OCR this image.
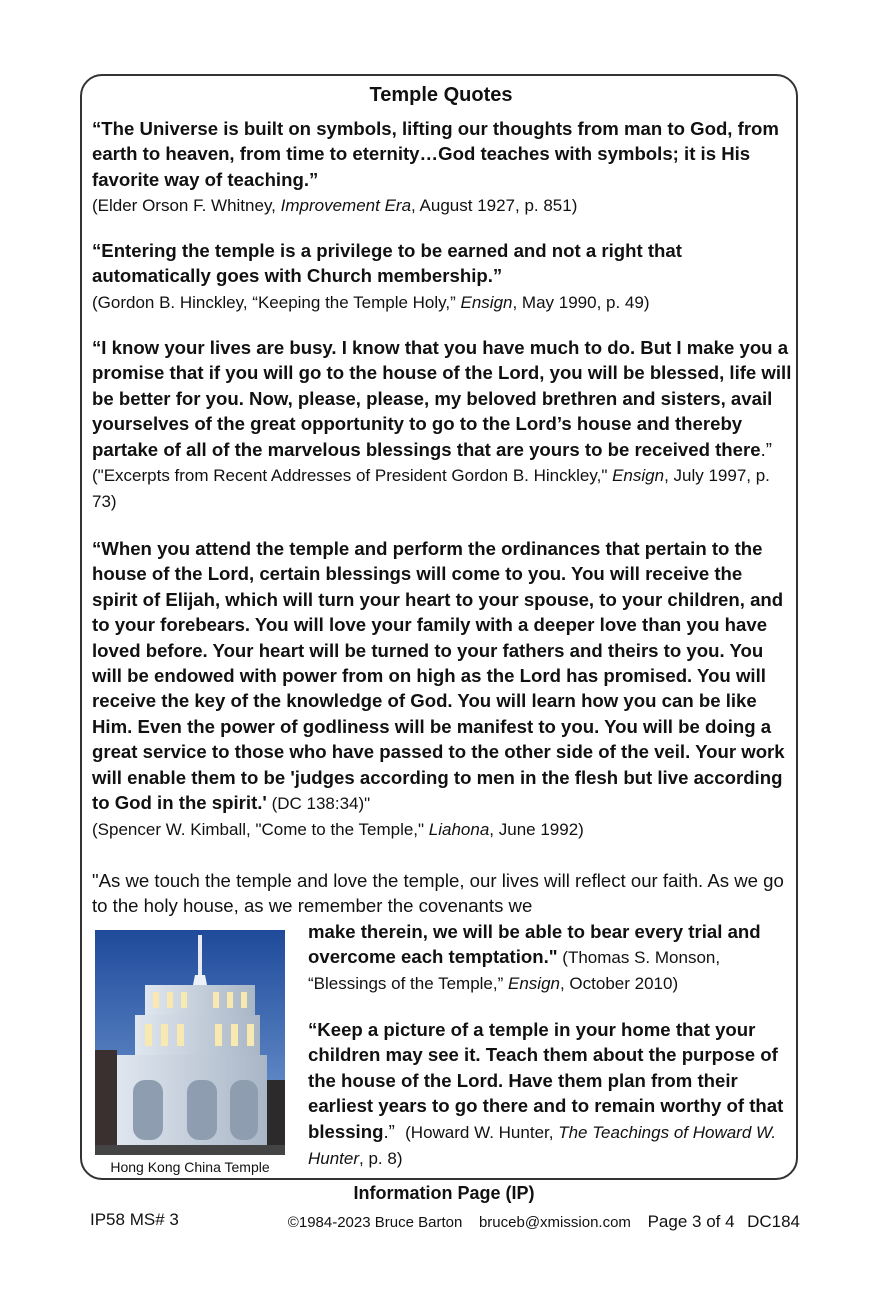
Temple Quotes
“The Universe is built on symbols, lifting our thoughts from man to God, from earth to heaven, from time to eternity…God teaches with symbols; it is His favorite way of teaching.”
(Elder Orson F. Whitney, Improvement Era, August 1927, p. 851)
“Entering the temple is a privilege to be earned and not a right that automatically goes with Church membership.”
(Gordon B. Hinckley, “Keeping the Temple Holy,” Ensign, May 1990, p. 49)
“I know your lives are busy. I know that you have much to do. But I make you a promise that if you will go to the house of the Lord, you will be blessed, life will be better for you. Now, please, please, my beloved brethren and sisters, avail yourselves of the great opportunity to go to the Lord’s house and thereby partake of all of the marvelous blessings that are yours to be received there.”  ("Excerpts from Recent Addresses of President Gordon B. Hinckley," Ensign, July 1997, p. 73)
“When you attend the temple and perform the ordinances that pertain to the house of the Lord, certain blessings will come to you. You will receive the spirit of Elijah, which will turn your heart to your spouse, to your children, and to your forebears. You will love your family with a deeper love than you have loved before. Your heart will be turned to your fathers and theirs to you. You will be endowed with power from on high as the Lord has promised. You will receive the key of the knowledge of God. You will learn how you can be like Him. Even the power of godliness will be manifest to you. You will be doing a great service to those who have passed to the other side of the veil. Your work will enable them to be 'judges according to men in the flesh but live according to God in the spirit.' (DC 138:34)"
(Spencer W. Kimball, "Come to the Temple," Liahona, June 1992)
"As we touch the temple and love the temple, our lives will reflect our faith. As we go to the holy house, as we remember the covenants we
Hong Kong China Temple
make therein, we will be able to bear every trial and overcome each temptation." (Thomas S. Monson, “Blessings of the Temple,” Ensign, October 2010)
“Keep a picture of a temple in your home that your children may see it. Teach them about the purpose of the house of the Lord. Have them plan from their earliest years to go there and to remain worthy of that blessing.”  (Howard W. Hunter, The Teachings of Howard W. Hunter, p. 8)
Information Page (IP)
IP58 MS# 3	©1984-2023 Bruce Barton bruceb@xmission.com Page 3 of 4 DC184
